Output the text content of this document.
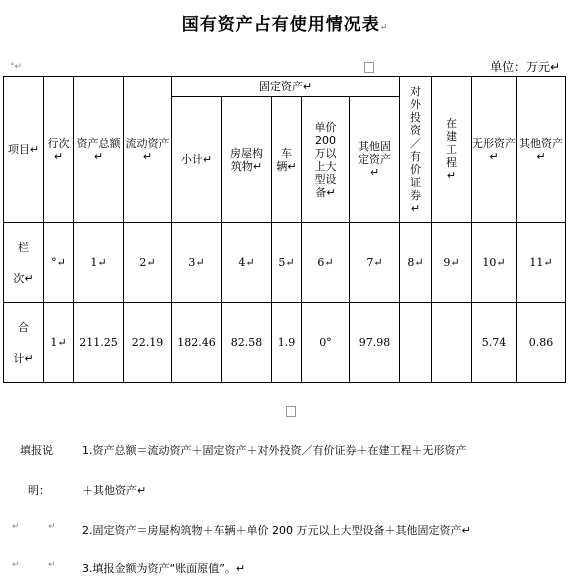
国有资产占有使用情况表↵
°↵	单位：万元↵
项目↵	行次↵	资产总额↵	流动资产↵	固定资产↵					对外投资／有价证券↵	在建工程↵	无形资产↵	其他资产↵
				小计↵	房屋构筑物↵	车辆↵	单价200万以上大型设备↵	其他固定资产↵				

栏
次↵	°↵	1↵	2↵	3↵	4↵	5↵	6↵	7↵	8↵	9↵	10↵	11↵

合
计↵	1↵	211.25	22.19	182.46	82.58	1.9	0°	97.98			5.74	0.86
填报说	1.资产总额＝流动资产＋固定资产＋对外投资／有价证券＋在建工程＋无形资产
明：	＋其他资产↵
↵	↵ 2.固定资产＝房屋构筑物＋车辆＋单价 200 万元以上大型设备＋其他固定资产↵
↵	↵ 3.填报金额为资产“账面原值”。↵
